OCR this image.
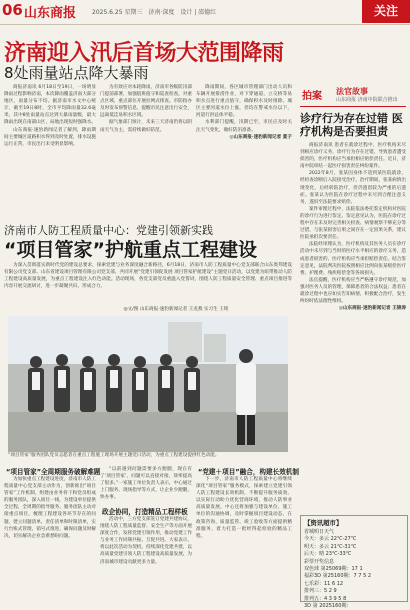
06 山东商报	2025.6.25 星期三　济南·深度　设计 | 邵德红	关注
济南迎入汛后首场大范围降雨
8处雨量站点降大暴雨

商报济南讯 6月18日至19日，一场明显降雨过程影响济南，本次降雨覆盖济南大部分地区，雨量分布不均。据济南市水文中心统计，截至19日8时，全市平均降雨量32.6毫米，其中8处雨量站点达到大暴雨量级，最大降雨出现在南部山区，局地出现短时强降水。

山东商报·速豹新闻记者了解到，降雨期间主要城区道路积水得到及时处置，排水设施运行正常，市民出行未受明显影响。

为有效应对本轮降雨，济南市各级防汛部门提前部署，加强值班值守和巡查检查，对重点区域、重点部位开展拉网式排查。市防指办及时发布预警信息，提醒市民注意出行安全，远离低洼易积水区域。

据气象部门预计，未来三天济南仍将以阴雨天气为主，需持续做好防范。

降雨期间，各区城市管理部门出动人员和车辆开展排涝作业，对下穿通道、立交桥等易积水点进行重点值守，确保积水及时排除。城区主要河道水位上涨，但均在警戒水位以下，河道行洪总体平稳。

水利部门提醒，汛期已至，市民应及时关注天气变化，做好防汛准备。

◎山东商报·速豹新闻记者 夏子

拍案 法官故事
山东商报 济南中院联合推出
诊疗行为存在过错 医疗机构是否要担责

商报济南讯 患者在就诊过程中，医疗机构未尽到相应诊疗义务，诊疗行为存在过错，导致患者遭受损害的，医疗机构应当承担相应赔偿责任。近日，济南中院审结一起医疗损害责任纠纷案件。

2022年8月，张某因身体不适到某医院就诊，经检查诊断后入院接受治疗。治疗期间，张某病情出现变化，后经转院治疗，但仍遗留较为严重的后遗症。张某认为医院在诊疗过程中未尽到合理注意义务，遂诉至法院要求赔偿。

案件审理过程中，法院依法委托鉴定机构对医院的诊疗行为进行鉴定。鉴定意见认为，医院在诊疗过程中存在未及时完善相关检查、病情观察不够充分等过错，与张某损害后果之间存在一定因果关系，建议医院承担次要责任。

法院经审理认为，医疗机构及其医务人员在诊疗活动中未尽到与当时的医疗水平相应的诊疗义务，造成患者损害的，医疗机构应当承担赔偿责任。结合鉴定意见，法院判决医院按照相应比例向张某赔偿医疗费、护理费、残疾赔偿金等各项损失。

法官提醒，医疗机构应当严格遵守诊疗规范，加强对医务人员的管理，保障患者的合法权益；患者在就诊过程中也应如实告知病情，积极配合治疗，发生纠纷时依法理性维权。

◎山东商报·速豹新闻记者 王锦涛

济南市人防工程质量中心：党建引领新实践
“项目管家”护航重点工程建设

为深入贯彻落实新时代党的建设总要求，探索党建与业务深度融合新路径，6月18日，济南市人防工程质量中心党支部联合山东奥邦建设有限公司党支部、山东省建设项目管理有限公司党支部，共同开展“党建引领促发展 项目管家护航建设”主题党日活动，以党建为纽带推动人防工程建设高质量发展，为重点工程建设注入红色动能。活动现场，各党支部党员重温入党誓词，围绕人防工程质量安全管理、重点项目推进等内容开展交流研讨，进一步凝聚共识、形成合力。

◎文/图 山东商报·速豹新闻记者 王龙燕 实习生 王铭
“项目管家”服务团队党员志愿者在重点工程施工现场开展主题党日活动，为重点工程建设提供红色动能。
“项目管家”全周期服务破解难题

为加快重点工程建设进度，济南市人防工程质量中心党支部主动作为，创新推出“项目管家”工作机制，组建由业务骨干和党员组成的服务团队，深入项目一线，为建设单位提供全过程、全周期的指导服务。服务团队主动对接重点项目，梳理工程建设各环节存在的问题，建立问题清单、责任清单和时限清单，实行台账式管理、销号式推进，确保问题及时解决，切实解决企业急难愁盼问题。

“以前遇到问题需要多方跑腿，现在有了‘项目管家’，问题可以直接对接，效率提高了很多。”一家施工单位负责人表示，中心通过上门服务、现场指导等方式，让企业少跑腿、快办事。

政企协同，打造精品工程样板

活动中，三方党支部签订党建共建协议，围绕人防工程质量监督、安全生产等方面开展深度合作，发挥党建引领作用，推动党建工作与业务工作同频共振、互促共进。大家表示，将以此次活动为契机，持续深化党建共建，以高质量党建引领人防工程建设高质量发展，为济南城市建设贡献更多力量。

“党建＋项目”融合，构建长效机制

下一步，济南市人防工程质量中心将继续深化“项目管家”服务模式，探索建立党建引领人防工程建设长效机制，不断提升服务质效，以实际行动助力优化营商环境，推动人防事业高质量发展。中心还将加强与建设单位、施工单位的沟通协调，及时掌握项目建设动态，在政策咨询、质量监管、竣工验收等方面提供精准服务，着力打造一批经得起检验的精品工程。

【资讯超市】
省城明日天气
今天：多云 22℃-27℃
明天：多云 21℃-31℃
后天：晴 23℃-33℃
彩票开奖信息
双色球 第25069期：17 1
福彩3D 第25160期：7 7 5 2
七乐彩：11 6 12
排列三：5 2 9
排列五：4 3 9 5 8
3D 第 2025160期：
